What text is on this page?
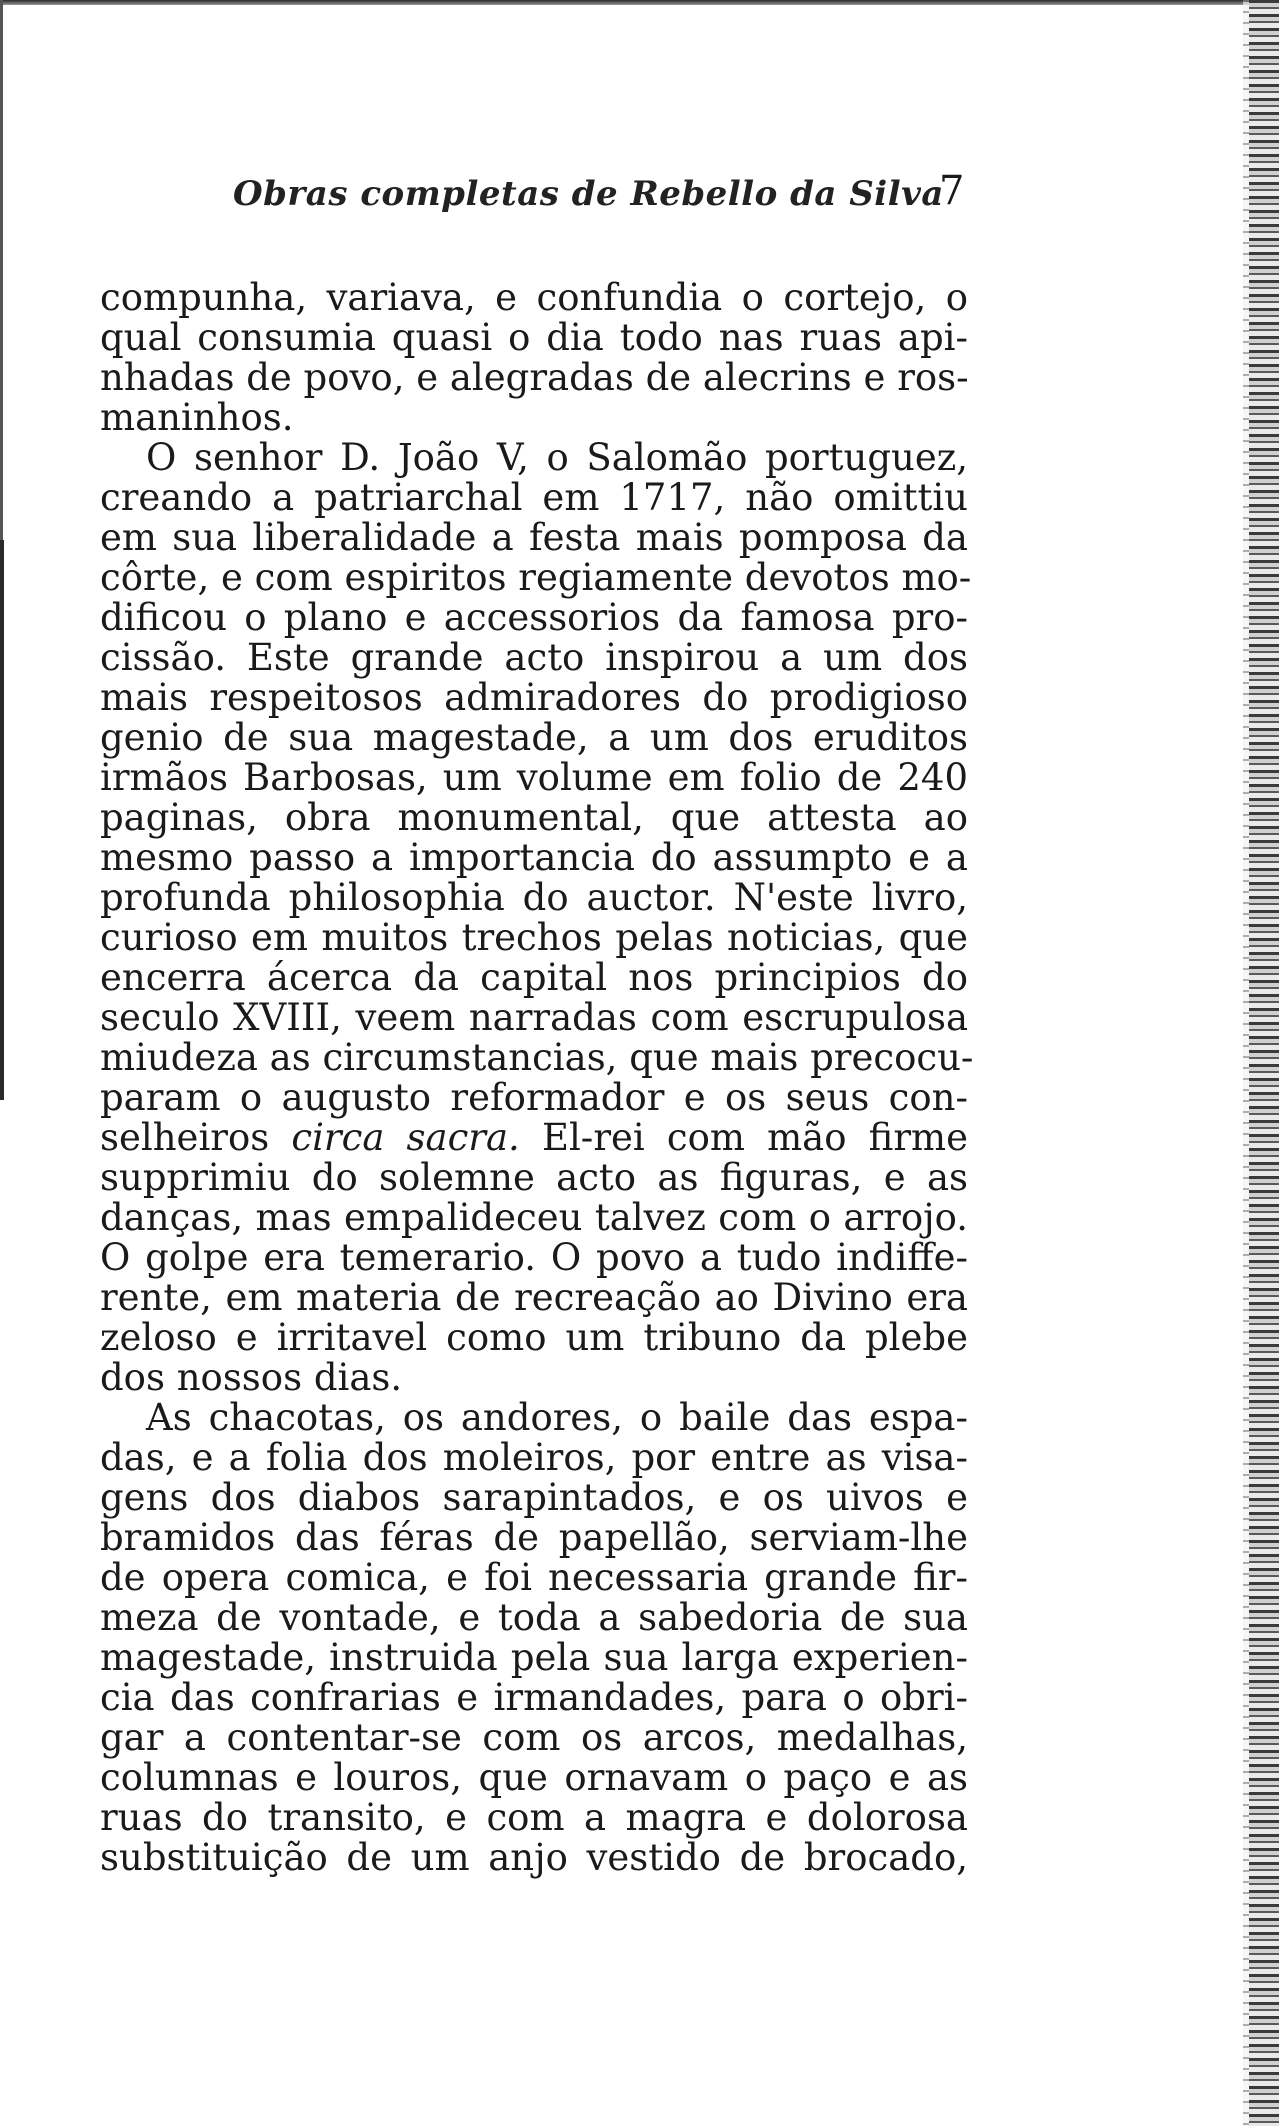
Obras completas de Rebello da Silva
7
compunha, variava, e confundia o cortejo, o
qual consumia quasi o dia todo nas ruas api-
nhadas de povo, e alegradas de alecrins e ros-
maninhos.
O senhor D. João V, o Salomão portuguez,
creando a patriarchal em 1717, não omittiu
em sua liberalidade a festa mais pomposa da
côrte, e com espiritos regiamente devotos mo-
dificou o plano e accessorios da famosa pro-
cissão. Este grande acto inspirou a um dos
mais respeitosos admiradores do prodigioso
genio de sua magestade, a um dos eruditos
irmãos Barbosas, um volume em folio de 240
paginas, obra monumental, que attesta ao
mesmo passo a importancia do assumpto e a
profunda philosophia do auctor. N'este livro,
curioso em muitos trechos pelas noticias, que
encerra ácerca da capital nos principios do
seculo XVIII, veem narradas com escrupulosa
miudeza as circumstancias, que mais precocu-
param o augusto reformador e os seus con-
selheiros circa sacra. El-rei com mão firme
supprimiu do solemne acto as figuras, e as
danças, mas empalideceu talvez com o arrojo.
O golpe era temerario. O povo a tudo indiffe-
rente, em materia de recreação ao Divino era
zeloso e irritavel como um tribuno da plebe
dos nossos dias.
As chacotas, os andores, o baile das espa-
das, e a folia dos moleiros, por entre as visa-
gens dos diabos sarapintados, e os uivos e
bramidos das féras de papellão, serviam-lhe
de opera comica, e foi necessaria grande fir-
meza de vontade, e toda a sabedoria de sua
magestade, instruida pela sua larga experien-
cia das confrarias e irmandades, para o obri-
gar a contentar-se com os arcos, medalhas,
columnas e louros, que ornavam o paço e as
ruas do transito, e com a magra e dolorosa
substituição de um anjo vestido de brocado,
